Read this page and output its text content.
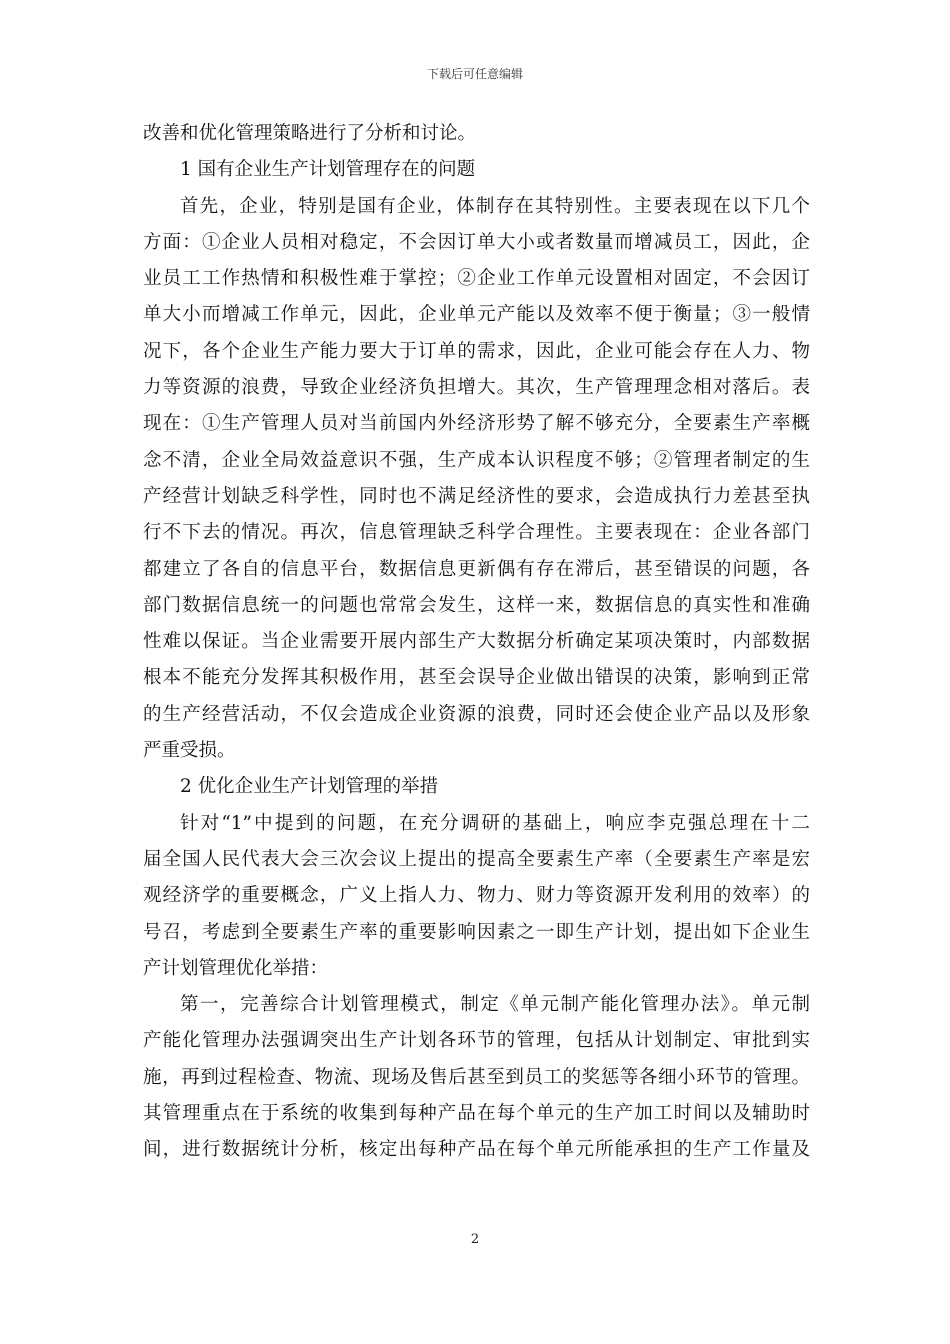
下载后可任意编辑
改善和优化管理策略进行了分析和讨论。
1 国有企业生产计划管理存在的问题
首先，企业，特别是国有企业，体制存在其特别性。主要表现在以下几个
方面：①企业人员相对稳定，不会因订单大小或者数量而增减员工，因此，企
业员工工作热情和积极性难于掌控；②企业工作单元设置相对固定，不会因订
单大小而增减工作单元，因此，企业单元产能以及效率不便于衡量；③一般情
况下，各个企业生产能力要大于订单的需求，因此，企业可能会存在人力、物
力等资源的浪费，导致企业经济负担增大。其次，生产管理理念相对落后。表
现在：①生产管理人员对当前国内外经济形势了解不够充分，全要素生产率概
念不清，企业全局效益意识不强，生产成本认识程度不够；②管理者制定的生
产经营计划缺乏科学性，同时也不满足经济性的要求，会造成执行力差甚至执
行不下去的情况。再次，信息管理缺乏科学合理性。主要表现在：企业各部门
都建立了各自的信息平台，数据信息更新偶有存在滞后，甚至错误的问题，各
部门数据信息统一的问题也常常会发生，这样一来，数据信息的真实性和准确
性难以保证。当企业需要开展内部生产大数据分析确定某项决策时，内部数据
根本不能充分发挥其积极作用，甚至会误导企业做出错误的决策，影响到正常
的生产经营活动，不仅会造成企业资源的浪费，同时还会使企业产品以及形象
严重受损。
2 优化企业生产计划管理的举措
针对“1”中提到的问题，在充分调研的基础上，响应李克强总理在十二
届全国人民代表大会三次会议上提出的提高全要素生产率（全要素生产率是宏
观经济学的重要概念，广义上指人力、物力、财力等资源开发利用的效率）的
号召，考虑到全要素生产率的重要影响因素之一即生产计划，提出如下企业生
产计划管理优化举措：
第一，完善综合计划管理模式，制定《单元制产能化管理办法》。单元制
产能化管理办法强调突出生产计划各环节的管理，包括从计划制定、审批到实
施，再到过程检查、物流、现场及售后甚至到员工的奖惩等各细小环节的管理。
其管理重点在于系统的收集到每种产品在每个单元的生产加工时间以及辅助时
间，进行数据统计分析，核定出每种产品在每个单元所能承担的生产工作量及
2
